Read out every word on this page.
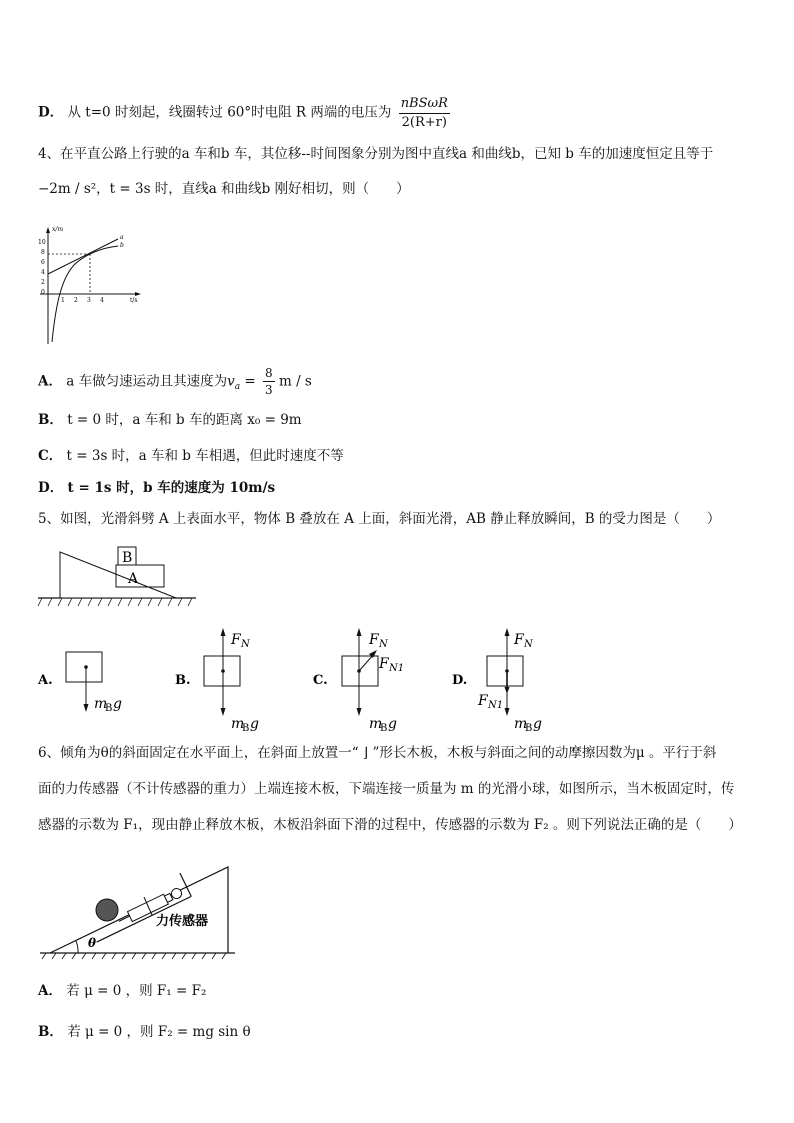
D． 从 t=0 时刻起，线圈转过 60°时电阻 R 两端的电压为 $\frac{\text{nBSωR}}{2(R+r)}$
4、在平直公路上行驶的a 车和b 车，其位移--时间图象分别为图中直线a 和曲线b，已知 b 车的加速度恒定且等于
−2m / s²，t = 3s 时，直线a 和曲线b 刚好相切，则（　　）
x/m
t/s
10
8
6
4
2
0
1 2 3 4
a
b
A． a 车做匀速运动且其速度为$v_a = \frac{8}{3}$ m / s
B． t = 0 时，a 车和 b 车的距离 x₀ = 9m
C． t = 3s 时，a 车和 b 车相遇，但此时速度不等
D． t = 1s 时，b 车的速度为 10m/s
5、如图，光滑斜劈 A 上表面水平，物体 B 叠放在 A 上面，斜面光滑，AB 静止释放瞬间，B 的受力图是（　　）
B
A
A.
m
B g
B.
F N
m
B g
C.
F N
F N1
m
B g
D.
F N
F N1
m
B g
6、倾角为θ的斜面固定在水平面上，在斜面上放置一“ ⌋ ”形长木板，木板与斜面之间的动摩擦因数为μ 。平行于斜
面的力传感器（不计传感器的重力）上端连接木板，下端连接一质量为 m 的光滑小球，如图所示，当木板固定时，传
感器的示数为 F₁，现由静止释放木板，木板沿斜面下滑的过程中，传感器的示数为 F₂ 。则下列说法正确的是（　　）
θ
力传感器
A． 若 μ = 0 ，则 F₁ = F₂
B． 若 μ = 0 ，则 F₂ = mg sin θ
